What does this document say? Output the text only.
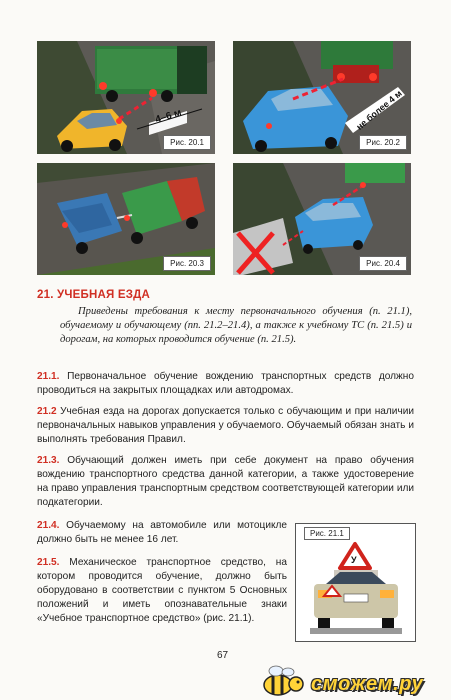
4–6 м
Рис. 20.1
не более 4 м
Рис. 20.2
Рис. 20.3	Рис. 20.4
21. УЧЕБНАЯ ЕЗДА

Приведены требования к месту первоначального обучения (п. 21.1), обучаемому и обучающему (пп. 21.2–21.4), а также к учебному ТС (п. 21.5) и дорогам, на которых проводится обучение (п. 21.5).

21.1. Первоначальное обучение вождению транспортных средств должно проводиться на закрытых площадках или автодромах.

21.2 Учебная езда на дорогах допускается только с обучающим и при наличии первоначальных навыков управления у обучаемого. Обучаемый обязан знать и выполнять требования Правил.

21.3. Обучающий должен иметь при себе документ на право обучения вождению транспортного средства данной категории, а также удостоверение на право управления транспортным средством соответствующей категории или подкатегории.

21.4. Обучаемому на автомобиле или мотоцикле должно быть не менее 16 лет.

21.5. Механическое транспортное средство, на котором проводится обучение, должно быть оборудовано в соответствии с пунктом 5 Основных положений и иметь опознавательные знаки «Учебное транспортное средство» (рис. 21.1).

Рис. 21.1
У
67
сможем.ру
